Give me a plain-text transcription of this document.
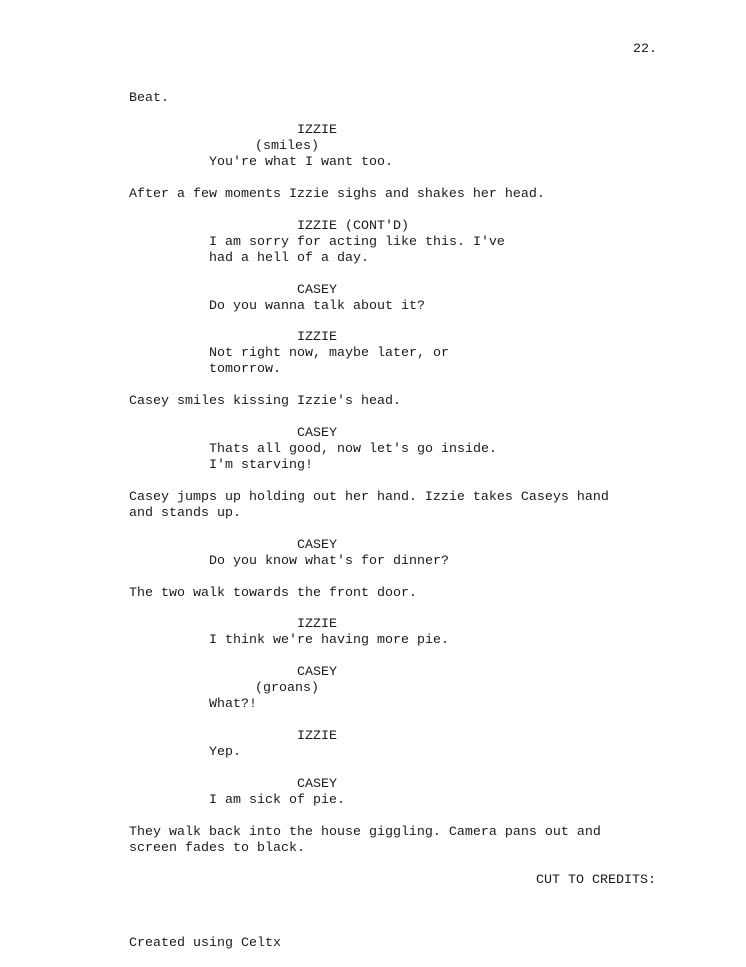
22.
Beat.
IZZIE
(smiles)
You're what I want too.
After a few moments Izzie sighs and shakes her head.
IZZIE (CONT'D)
I am sorry for acting like this. I've
had a hell of a day.
CASEY
Do you wanna talk about it?
IZZIE
Not right now, maybe later, or
tomorrow.
Casey smiles kissing Izzie's head.
CASEY
Thats all good, now let's go inside.
I'm starving!
Casey jumps up holding out her hand. Izzie takes Caseys hand
and stands up.
CASEY
Do you know what's for dinner?
The two walk towards the front door.
IZZIE
I think we're having more pie.
CASEY
(groans)
What?!
IZZIE
Yep.
CASEY
I am sick of pie.
They walk back into the house giggling. Camera pans out and
screen fades to black.
CUT TO CREDITS:
Created using Celtx
